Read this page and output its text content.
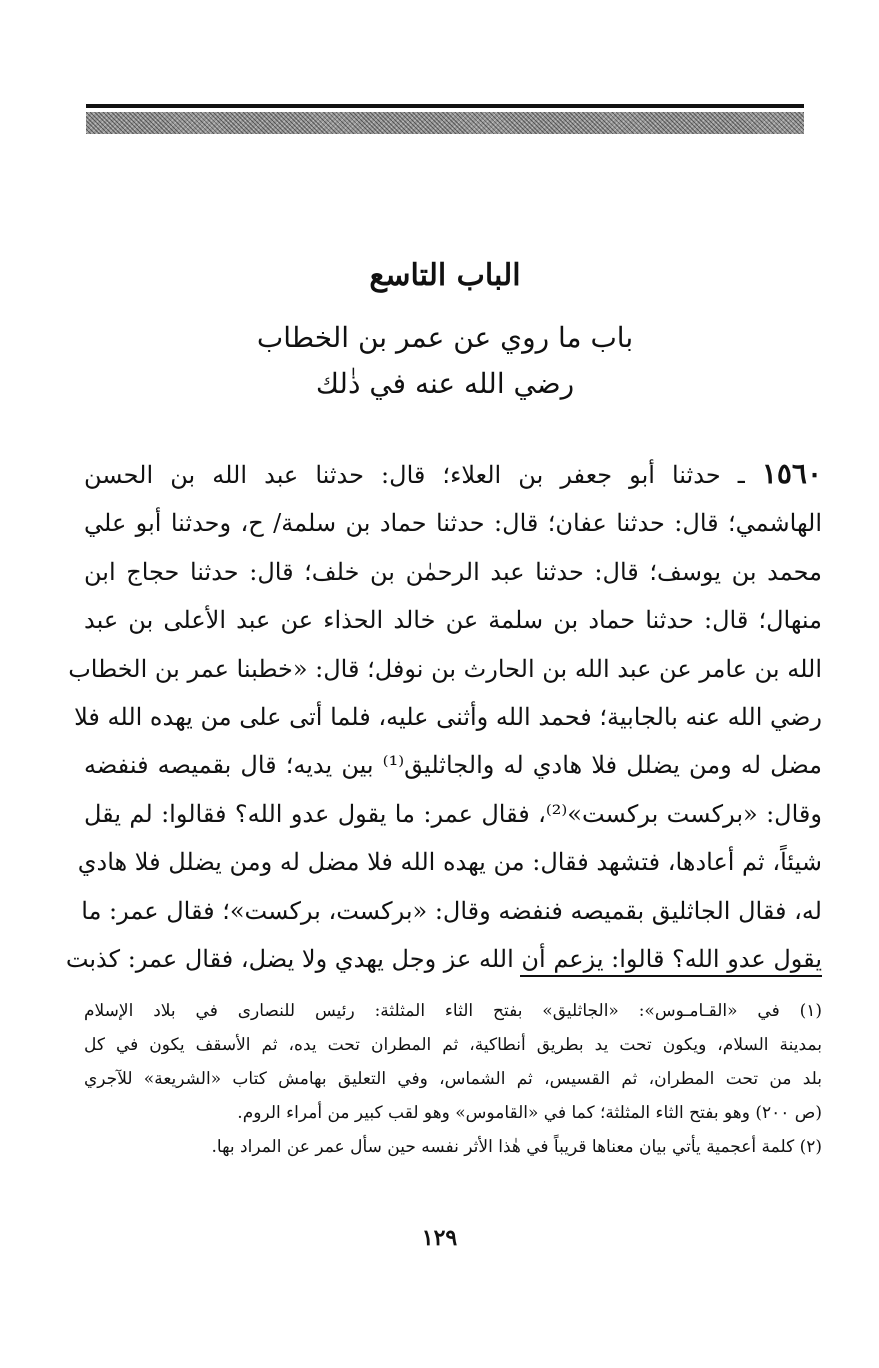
الباب التاسع
باب ما روي عن عمر بن الخطاب
رضي الله عنه في ذٰلك
١٥٦٠ ـ حدثنا أبو جعفر بن العلاء؛ قال: حدثنا عبد الله بن الحسن
الهاشمي؛ قال: حدثنا عفان؛ قال: حدثنا حماد بن سلمة/ ح، وحدثنا أبو علي
محمد بن يوسف؛ قال: حدثنا عبد الرحمٰن بن خلف؛ قال: حدثنا حجاج ابن
منهال؛ قال: حدثنا حماد بن سلمة عن خالد الحذاء عن عبد الأعلى بن عبد
الله بن عامر عن عبد الله بن الحارث بن نوفل؛ قال: «خطبنا عمر بن الخطاب
رضي الله عنه بالجابية؛ فحمد الله وأثنى عليه، فلما أتى على من يهده الله فلا
مضل له ومن يضلل فلا هادي له والجاثليق⁽¹⁾ بين يديه؛ قال بقميصه فنفضه
وقال: «بركست بركست»⁽²⁾، فقال عمر: ما يقول عدو الله؟ فقالوا: لم يقل
شيئاً، ثم أعادها، فتشهد فقال: من يهده الله فلا مضل له ومن يضلل فلا هادي
له، فقال الجاثليق بقميصه فنفضه وقال: «بركست، بركست»؛ فقال عمر: ما
يقول عدو الله؟ قالوا: يزعم أن الله عز وجل يهدي ولا يضل، فقال عمر: كذبت
(١) في «القـامـوس»: «الجاثليق» بفتح الثاء المثلثة: رئيس للنصارى في بلاد الإسلام
بمدينة السلام، ويكون تحت يد بطريق أنطاكية، ثم المطران تحت يده، ثم الأسقف يكون في كل
بلد من تحت المطران، ثم القسيس، ثم الشماس، وفي التعليق بهامش كتاب «الشريعة» للآجري
(ص ٢٠٠) وهو بفتح الثاء المثلثة؛ كما في «القاموس» وهو لقب كبير من أمراء الروم.
(٢) كلمة أعجمية يأتي بيان معناها قريباً في هٰذا الأثر نفسه حين سأل عمر عن المراد بها.
١٢٩
